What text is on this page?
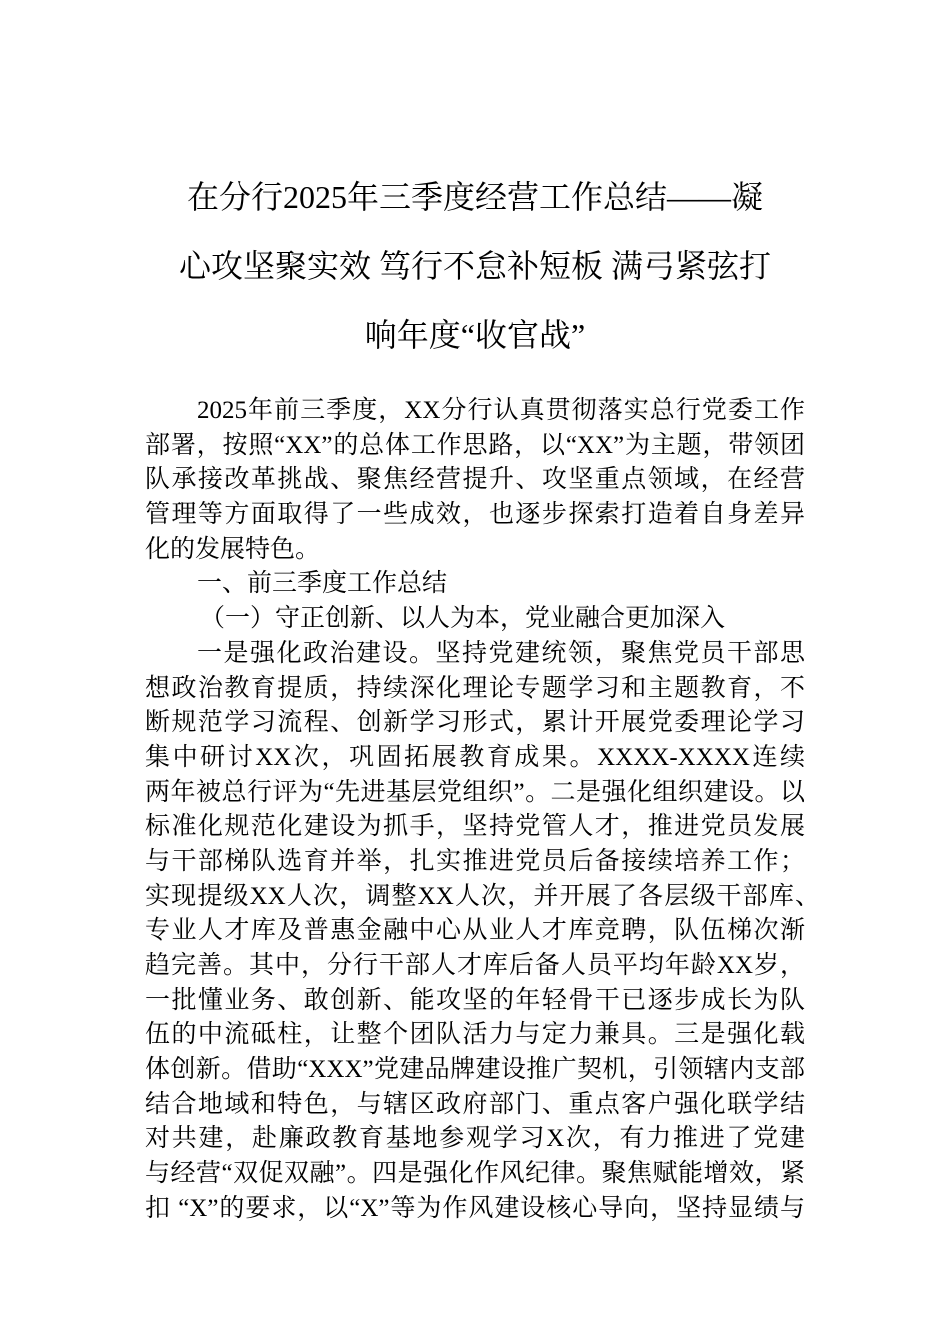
在分行2025年三季度经营工作总结——凝
心攻坚聚实效 笃行不怠补短板 满弓紧弦打
响年度“收官战”
2025年前三季度，XX分行认真贯彻落实总行党委工作
部署，按照“XX”的总体工作思路，以“XX”为主题，带领团
队承接改革挑战、聚焦经营提升、攻坚重点领域，在经营
管理等方面取得了一些成效，也逐步探索打造着自身差异
化的发展特色。
一、前三季度工作总结
（一）守正创新、以人为本，党业融合更加深入
一是强化政治建设。坚持党建统领，聚焦党员干部思
想政治教育提质，持续深化理论专题学习和主题教育，不
断规范学习流程、创新学习形式，累计开展党委理论学习
集中研讨XX次，巩固拓展教育成果。XXXX-XXXX连续
两年被总行评为“先进基层党组织”。二是强化组织建设。以
标准化规范化建设为抓手，坚持党管人才，推进党员发展
与干部梯队选育并举，扎实推进党员后备接续培养工作；
实现提级XX人次，调整XX人次，并开展了各层级干部库、
专业人才库及普惠金融中心从业人才库竞聘，队伍梯次渐
趋完善。其中，分行干部人才库后备人员平均年龄XX岁，
一批懂业务、敢创新、能攻坚的年轻骨干已逐步成长为队
伍的中流砥柱，让整个团队活力与定力兼具。三是强化载
体创新。借助“XXX”党建品牌建设推广契机，引领辖内支部
结合地域和特色，与辖区政府部门、重点客户强化联学结
对共建，赴廉政教育基地参观学习X次，有力推进了党建
与经营“双促双融”。四是强化作风纪律。聚焦赋能增效，紧
扣 “X”的要求，以“X”等为作风建设核心导向，坚持显绩与
